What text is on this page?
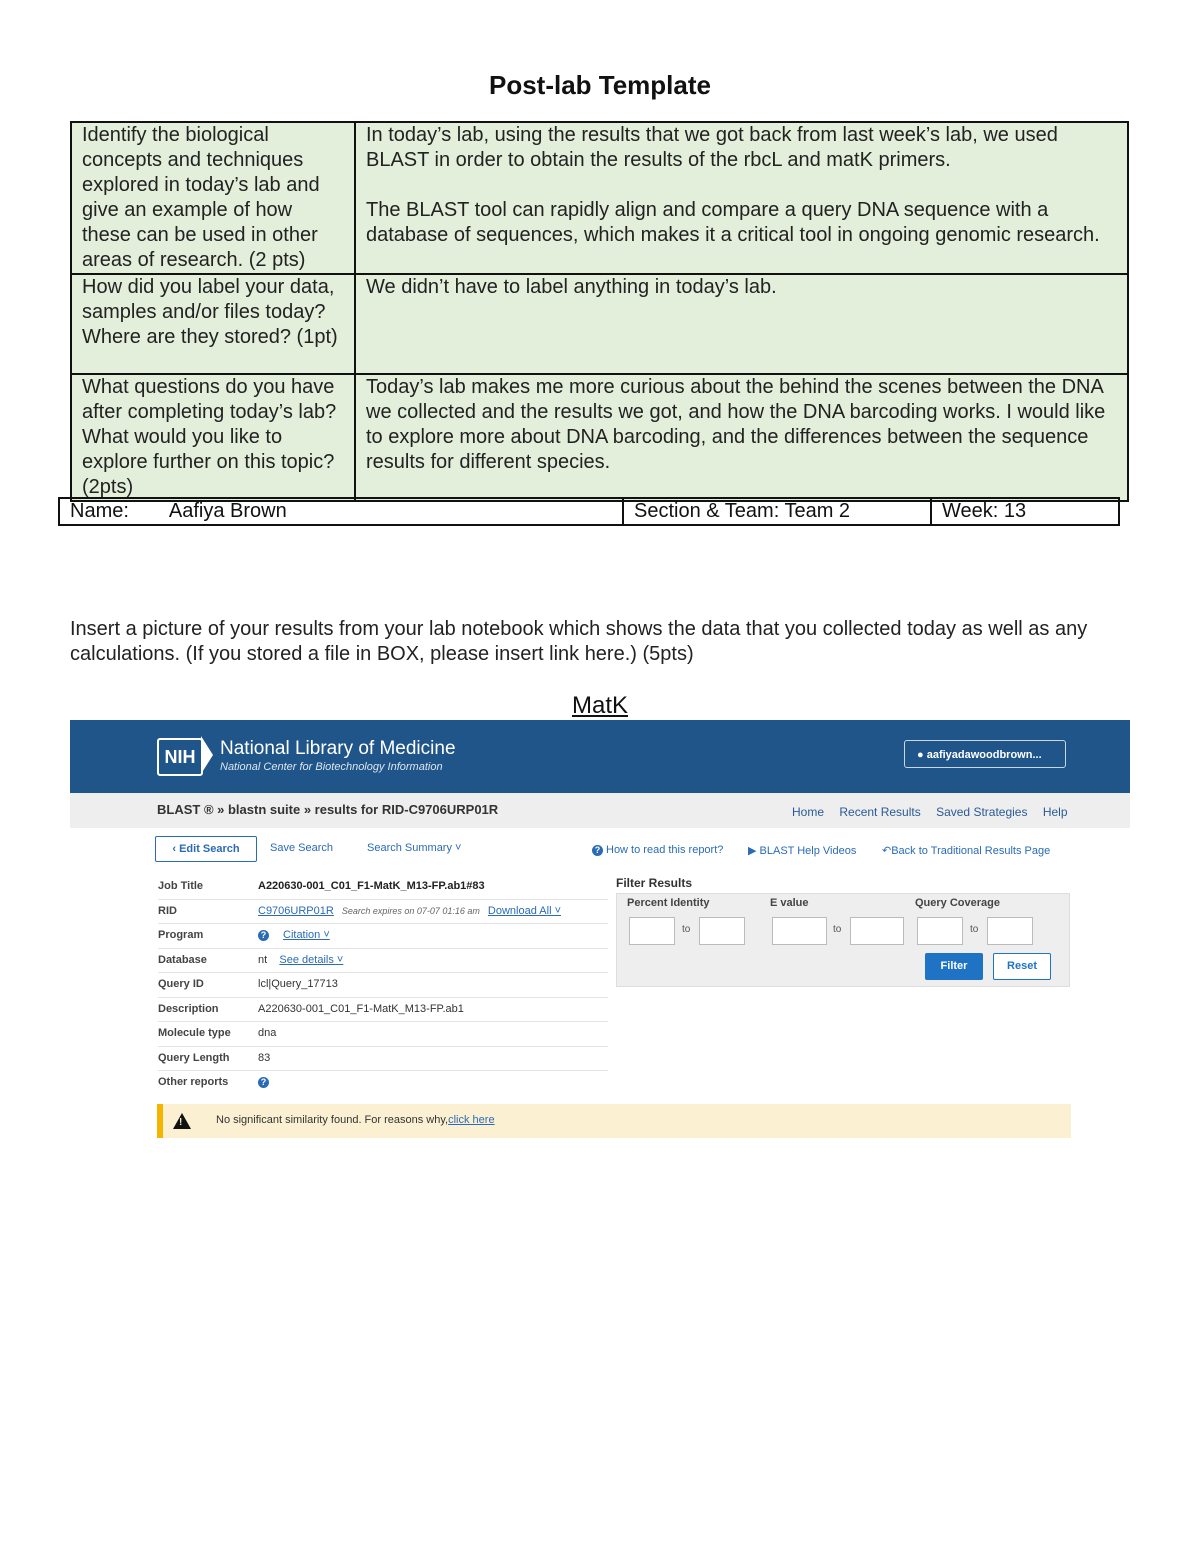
Post-lab Template
Identify the biological concepts and techniques explored in today’s lab and give an example of how these can be used in other areas of research. (2 pts)	In today’s lab, using the results that we got back from last week’s lab, we used BLAST in order to obtain the results of the rbcL and matK primers.

The BLAST tool can rapidly align and compare a query DNA sequence with a database of sequences, which makes it a critical tool in ongoing genomic research.

How did you label your data, samples and/or files today? Where are they stored? (1pt)	We didn’t have to label anything in today’s lab.

What questions do you have after completing today’s lab? What would you like to explore further on this topic? (2pts)	Today’s lab makes me more curious about the behind the scenes between the DNA we collected and the results we got, and how the DNA barcoding works. I would like to explore more about DNA barcoding, and the differences between the sequence results for different species.

Name: Aafiya Brown	Section & Team: Team 2	Week: 13
Insert a picture of your results from your lab notebook which shows the data that you collected today as well as any calculations. (If you stored a file in BOX, please insert link here.) (5pts)
MatK
NIH	National Library of Medicine
National Center for Biotechnology Information
● aafiyadawoodbrown...
BLAST ® » blastn suite » results for RID-C9706URP01R	Home Recent Results Saved Strategies Help
‹ Edit Search	Save Search	Search Summary ˅	? How to read this report? ▶ BLAST Help Videos ↶Back to Traditional Results Page
Job Title	A220630-001_C01_F1-MatK_M13-FP.ab1#83
RID	C9706URP01R Search expires on 07-07 01:16 am Download All ˅
Program	? Citation ˅
Database	nt See details ˅
Query ID	lcl|Query_17713
Description	A220630-001_C01_F1-MatK_M13-FP.ab1
Molecule type	dna
Query Length	83
Other reports	?
Filter Results
Percent Identity	E value	Query Coverage
to	to	to
Filter	Reset
!	No significant similarity found. For reasons why,click here
